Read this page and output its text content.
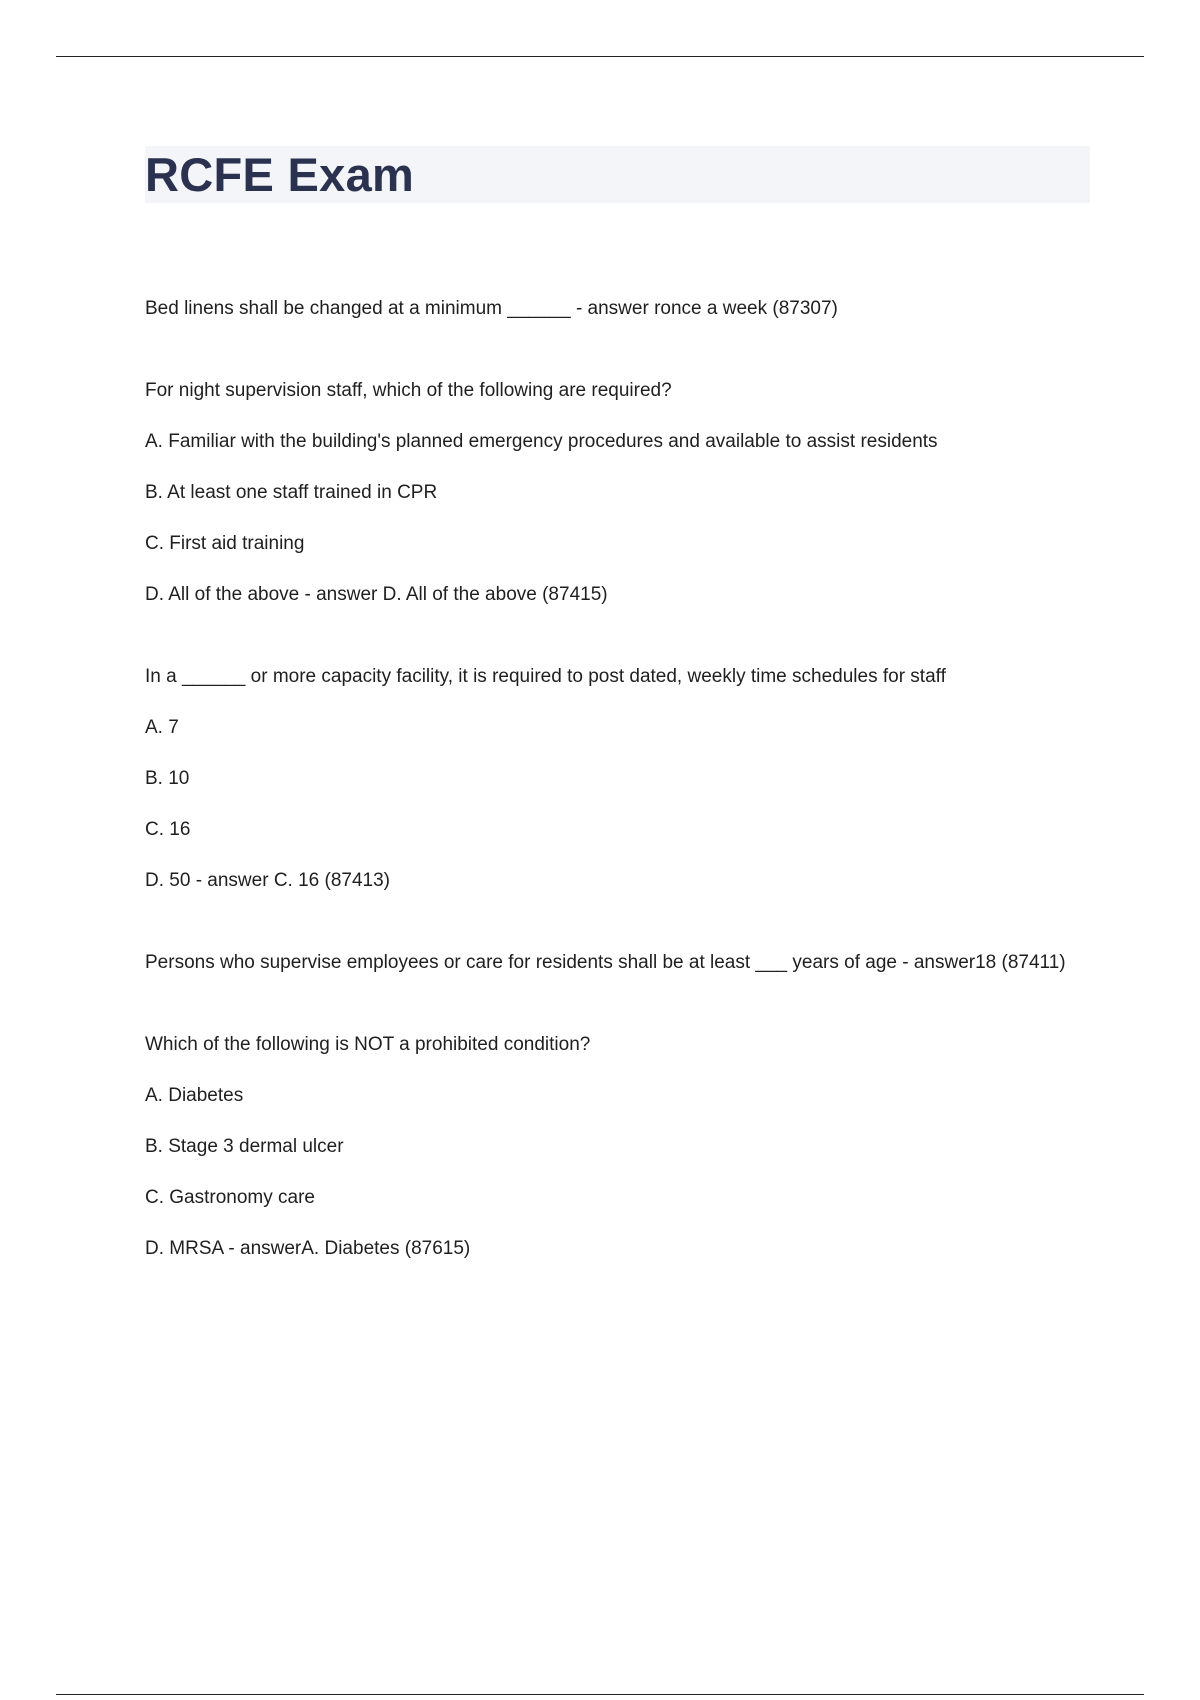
RCFE Exam

Bed linens shall be changed at a minimum ______ - answer ronce a week (87307)

For night supervision staff, which of the following are required?

A. Familiar with the building's planned emergency procedures and available to assist residents

B. At least one staff trained in CPR

C. First aid training

D. All of the above - answer D. All of the above (87415)

In a ______ or more capacity facility, it is required to post dated, weekly time schedules for staff

A. 7

B. 10

C. 16

D. 50 - answer C. 16 (87413)

Persons who supervise employees or care for residents shall be at least ___ years of age - answer18 (87411)

Which of the following is NOT a prohibited condition?

A. Diabetes

B. Stage 3 dermal ulcer

C. Gastronomy care

D. MRSA - answerA. Diabetes (87615)
